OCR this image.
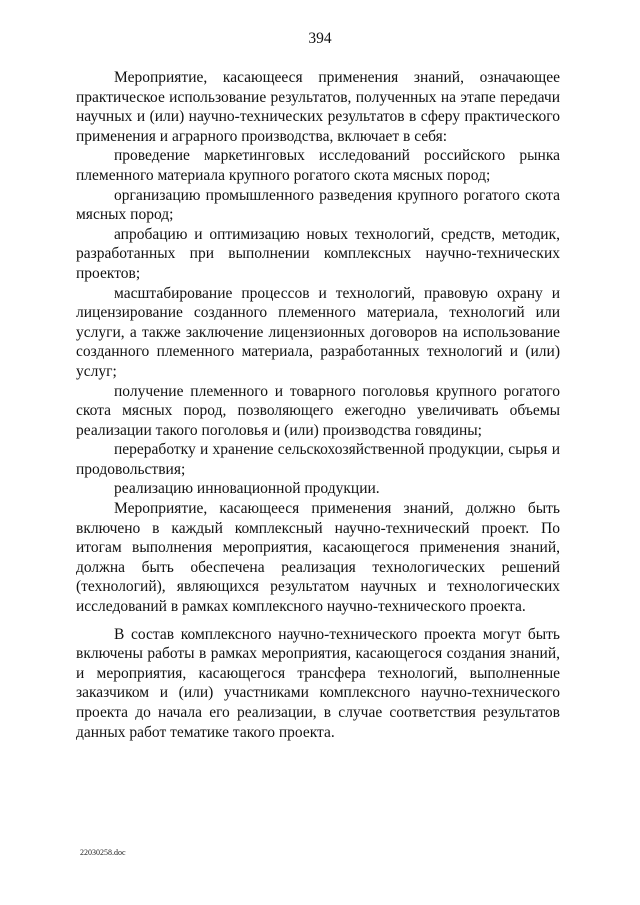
394

Мероприятие, касающееся применения знаний, означающее практическое использование результатов, полученных на этапе передачи научных и (или) научно-технических результатов в сферу практического применения и аграрного производства, включает в себя:

проведение маркетинговых исследований российского рынка племенного материала крупного рогатого скота мясных пород;

организацию промышленного разведения крупного рогатого скота мясных пород;

апробацию и оптимизацию новых технологий, средств, методик, разработанных при выполнении комплексных научно-технических проектов;

масштабирование процессов и технологий, правовую охрану и лицензирование созданного племенного материала, технологий или услуги, а также заключение лицензионных договоров на использование созданного племенного материала, разработанных технологий и (или) услуг;

получение племенного и товарного поголовья крупного рогатого скота мясных пород, позволяющего ежегодно увеличивать объемы реализации такого поголовья и (или) производства говядины;

переработку и хранение сельскохозяйственной продукции, сырья и продовольствия;

реализацию инновационной продукции.

Мероприятие, касающееся применения знаний, должно быть включено в каждый комплексный научно-технический проект. По итогам выполнения мероприятия, касающегося применения знаний, должна быть обеспечена реализация технологических решений (технологий), являющихся результатом научных и технологических исследований в рамках комплексного научно-технического проекта.

В состав комплексного научно-технического проекта могут быть включены работы в рамках мероприятия, касающегося создания знаний, и мероприятия, касающегося трансфера технологий, выполненные заказчиком и (или) участниками комплексного научно-технического проекта до начала его реализации, в случае соответствия результатов данных работ тематике такого проекта.

22030258.doc
